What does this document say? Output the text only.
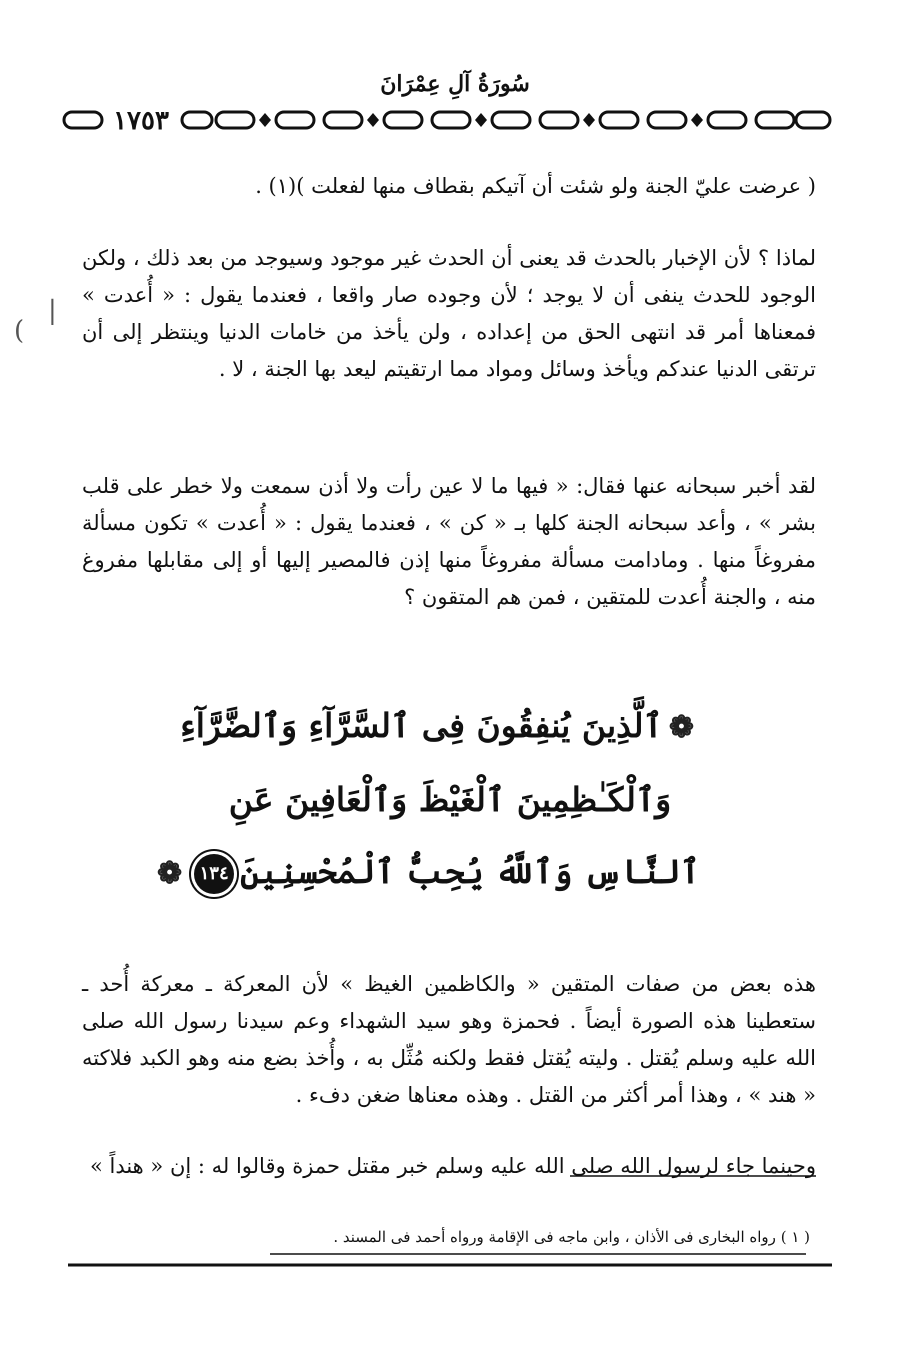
سُورَةُ آلِ عِمْرَانَ
١٧٥٣
|
(

( عرضت عليّ الجنة ولو شئت أن آتيكم بقطاف منها لفعلت )(١) .

لماذا ؟ لأن الإخبار بالحدث قد يعنى أن الحدث غير موجود وسيوجد من بعد ذلك ، ولكن الوجود للحدث ينفى أن لا يوجد ؛ لأن وجوده صار واقعا ، فعندما يقول : « أُعدت » فمعناها أمر قد انتهى الحق من إعداده ، ولن يأخذ من خامات الدنيا وينتظر إلى أن ترتقى الدنيا عندكم ويأخذ وسائل ومواد مما ارتقيتم ليعد بها الجنة ، لا .

لقد أخبر سبحانه عنها فقال: « فيها ما لا عين رأت ولا أذن سمعت ولا خطر على قلب بشر » ، وأعد سبحانه الجنة كلها بـ « كن » ، فعندما يقول : « أُعدت » تكون مسألة مفروغاً منها . ومادامت مسألة مفروغاً منها إذن فالمصير إليها أو إلى مقابلها مفروغ منه ، والجنة أُعدت للمتقين ، فمن هم المتقون ؟

❁ٱلَّذِينَ يُنفِقُونَ فِى ٱلسَّرَّآءِ وَٱلضَّرَّآءِ
وَٱلْكَـٰظِمِينَ ٱلْغَيْظَ وَٱلْعَافِينَ عَنِ
ٱلنَّاسِ وَٱللَّهُ يُحِبُّ ٱلْمُحْسِنِينَ١٣٤❁

هذه بعض من صفات المتقين « والكاظمين الغيظ » لأن المعركة ـ معركة أُحد ـ ستعطينا هذه الصورة أيضاً . فحمزة وهو سيد الشهداء وعم سيدنا رسول الله صلى الله عليه وسلم يُقتل . وليته يُقتل فقط ولكنه مُثِّل به ، وأُخذ بضع منه وهو الكبد فلاكته « هند » ، وهذا أمر أكثر من القتل . وهذه معناها ضغن دفء .

وحينما جاء لرسول الله صلى الله عليه وسلم خبر مقتل حمزة وقالوا له : إن « هنداً »

( ١ ) رواه البخارى فى الأذان ، وابن ماجه فى الإقامة ورواه أحمد فى المسند .
